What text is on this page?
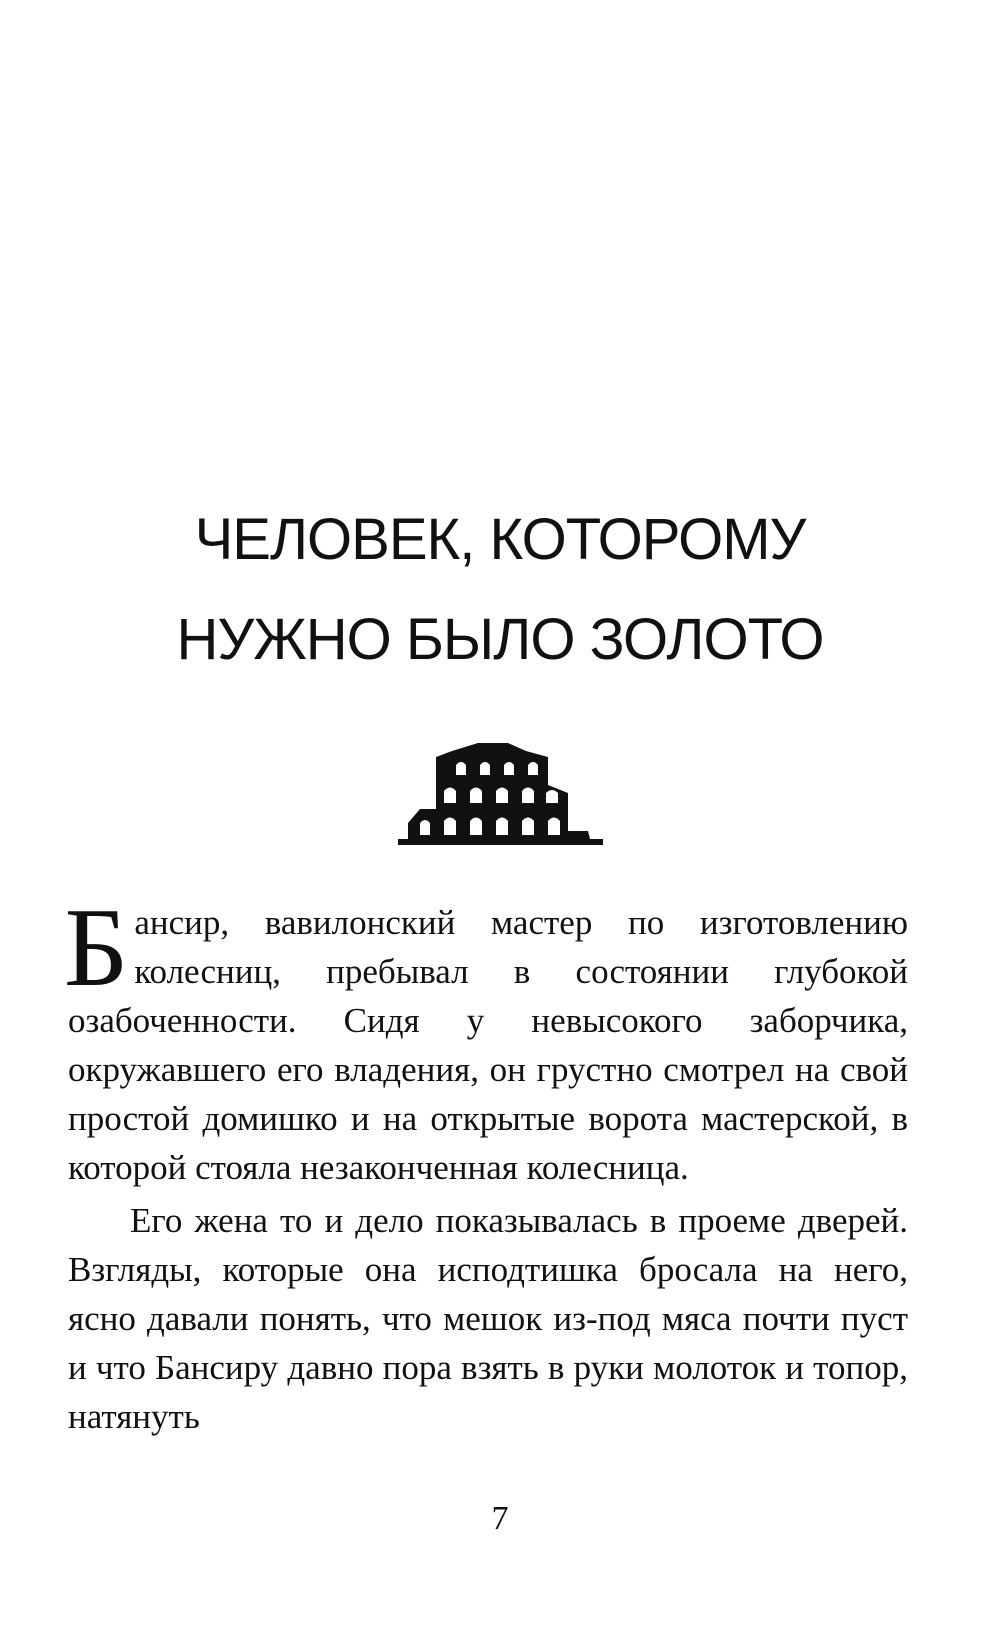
ЧЕЛОВЕК, КОТОРОМУ
НУЖНО БЫЛО ЗОЛОТО

Бансир, вавилонский мастер по изготовлению колесниц, пребывал в состоянии глубокой озабоченности. Сидя у невысокого заборчика, окружавшего его владения, он грустно смотрел на свой простой домишко и на открытые ворота мастерской, в которой стояла незаконченная колесница.

Его жена то и дело показывалась в проеме дверей. Взгляды, которые она исподтишка бросала на него, ясно давали понять, что мешок из-под мяса почти пуст и что Бансиру давно пора взять в руки молоток и топор, натянуть

7
